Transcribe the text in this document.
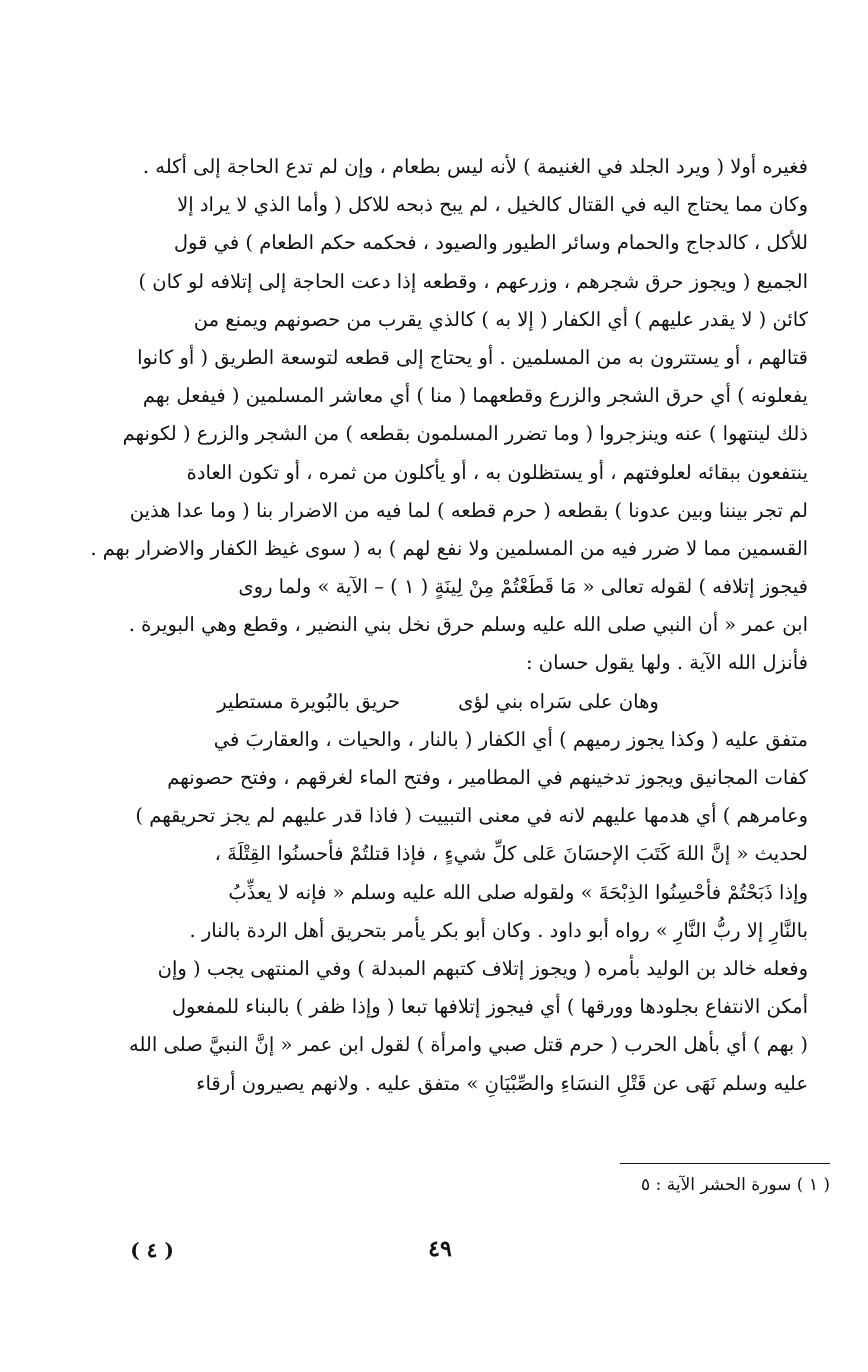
فغيره أولا ( ويرد الجلد في الغنيمة ) لأنه ليس بطعام ، وإن لم تدع الحاجة إلى أكله .
وكان مما يحتاج اليه في القتال كالخيل ، لم يبح ذبحه للاكل ( وأما الذي لا يراد إلا
للأكل ، كالدجاج والحمام وسائر الطيور والصيود ، فحكمه حكم الطعام ) في قول
الجميع ( ويجوز حرق شجرهم ، وزرعهم ، وقطعه إذا دعت الحاجة إلى إتلافه لو كان )
كائن ( لا يقدر عليهم ) أي الكفار ( إلا به ) كالذي يقرب من حصونهم ويمنع من
قتالهم ، أو يستترون به من المسلمين . أو يحتاج إلى قطعه لتوسعة الطريق ( أو كانوا
يفعلونه ) أي حرق الشجر والزرع وقطعهما ( منا ) أي معاشر المسلمين ( فيفعل بهم
ذلك لينتهوا ) عنه وينزجروا ( وما تضرر المسلمون بقطعه ) من الشجر والزرع ( لكونهم
ينتفعون ببقائه لعلوفتهم ، أو يستظلون به ، أو يأكلون من ثمره ، أو تكون العادة
لم تجر بيننا وبين عدونا ) بقطعه ( حرم قطعه ) لما فيه من الاضرار بنا ( وما عدا هذين
القسمين مما لا ضرر فيه من المسلمين ولا نفع لهم ) به ( سوى غيظ الكفار والاضرار بهم .
فيجوز إتلافه ) لقوله تعالى « مَا قَطَعْتُمْ مِنْ لِينَةٍ ( ١ ) – الآية » ولما روى
ابن عمر « أن النبي صلى الله عليه وسلم حرق نخل بني النضير ، وقطع وهي البويرة .
فأنزل الله الآية . ولها يقول حسان :
وهان على سَراه بني لؤى
حريق بالبُويرة مستطير
متفق عليه ( وكذا يجوز رميهم ) أي الكفار ( بالنار ، والحيات ، والعقاربَ في
كفات المجانيق ويجوز تدخينهم في المطامير ، وفتح الماء لغرقهم ، وفتح حصونهم
وعامرهم ) أي هدمها عليهم لانه في معنى التبييت ( فاذا قدر عليهم لم يجز تحريقهم )
لحديث « إنَّ اللهَ كَتَبَ الإحسَانَ عَلى كلِّ شيءٍ ، فإذا قتلتُمْ فأحسنُوا القِتْلَةَ ،
وإذا ذَبَحْتُمْ فأحْسِنُوا الذِبْحَةَ » ولقوله صلى الله عليه وسلم « فإنه لا يعذِّبُ
بالنَّارِ إلا ربُّ النَّارِ » رواه أبو داود . وكان أبو بكر يأمر بتحريق أهل الردة بالنار .
وفعله خالد بن الوليد بأمره ( ويجوز إتلاف كتبهم المبدلة ) وفي المنتهى يجب ( وإن
أمكن الانتفاع بجلودها وورقها ) أي فيجوز إتلافها تبعا ( وإذا ظفر ) بالبناء للمفعول
( بهم ) أي بأهل الحرب ( حرم قتل صبي وامرأة ) لقول ابن عمر « إنَّ النبيَّ صلى الله
عليه وسلم نَهَى عن قَتْلِ النسَاءِ والصِّبْيَانِ » متفق عليه . ولانهم يصيرون أرقاء
( ١ ) سورة الحشر الآية : ٥
٤٩
( ٤ )
